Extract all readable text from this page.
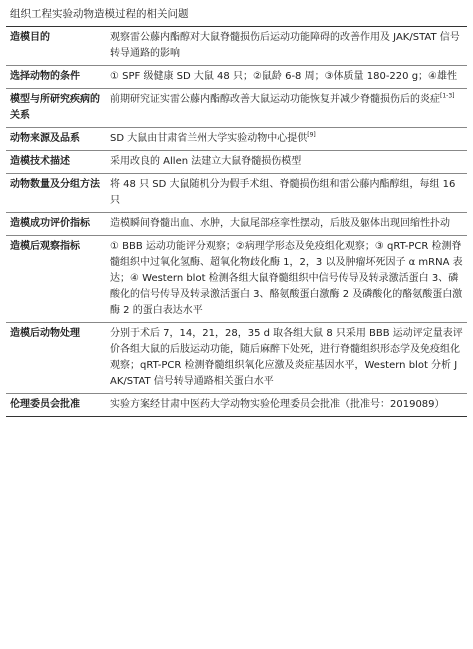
组织工程实验动物造模过程的相关问题
造模目的	观察雷公藤内酯醇对大鼠脊髓损伤后运动功能障碍的改善作用及 JAK/STAT 信号转导通路的影响
选择动物的条件	① SPF 级健康 SD 大鼠 48 只；②鼠龄 6-8 周；③体质量 180-220 g；④雄性
模型与所研究疾病的关系	前期研究证实雷公藤内酯醇改善大鼠运动功能恢复并减少脊髓损伤后的炎症[1-3]
动物来源及品系	SD 大鼠由甘肃省兰州大学实验动物中心提供[9]
造模技术描述	采用改良的 Allen 法建立大鼠脊髓损伤模型
动物数量及分组方法	将 48 只 SD 大鼠随机分为假手术组、脊髓损伤组和雷公藤内酯醇组，每组 16 只
造模成功评价指标	造模瞬间脊髓出血、水肿，大鼠尾部痉挛性摆动，后肢及躯体出现回缩性扑动
造模后观察指标	① BBB 运动功能评分观察；②病理学形态及免疫组化观察；③ qRT-PCR 检测脊髓组织中过氧化氢酶、超氧化物歧化酶 1，2，3 以及肿瘤坏死因子 α mRNA 表达；④ Western blot 检测各组大鼠脊髓组织中信号传导及转录激活蛋白 3、磷酸化的信号传导及转录激活蛋白 3、酪氨酸蛋白激酶 2 及磷酸化的酪氨酸蛋白激酶 2 的蛋白表达水平
造模后动物处理	分别于术后 7，14，21，28，35 d 取各组大鼠 8 只采用 BBB 运动评定量表评价各组大鼠的后肢运动功能，随后麻醉下处死，进行脊髓组织形态学及免疫组化观察；qRT-PCR 检测脊髓组织氧化应激及炎症基因水平，Western blot 分析 JAK/STAT 信号转导通路相关蛋白水平
伦理委员会批准	实验方案经甘肃中医药大学动物实验伦理委员会批准（批准号：2019089）
